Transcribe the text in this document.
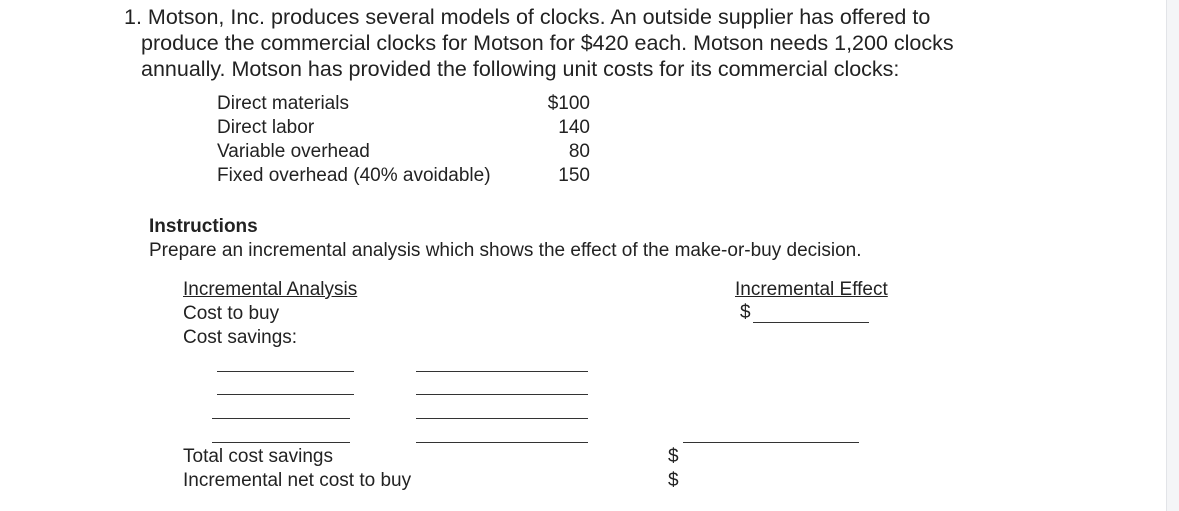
1. Motson, Inc. produces several models of clocks. An outside supplier has offered to
produce the commercial clocks for Motson for $420 each. Motson needs 1,200 clocks
annually. Motson has provided the following unit costs for its commercial clocks:
Direct materials	$100
Direct labor	140
Variable overhead	80
Fixed overhead (40% avoidable)	150
Instructions
Prepare an incremental analysis which shows the effect of the make-or-buy decision.
Incremental Analysis	Incremental Effect
Cost to buy	$
Cost savings:
Total cost savings	$
Incremental net cost to buy	$
